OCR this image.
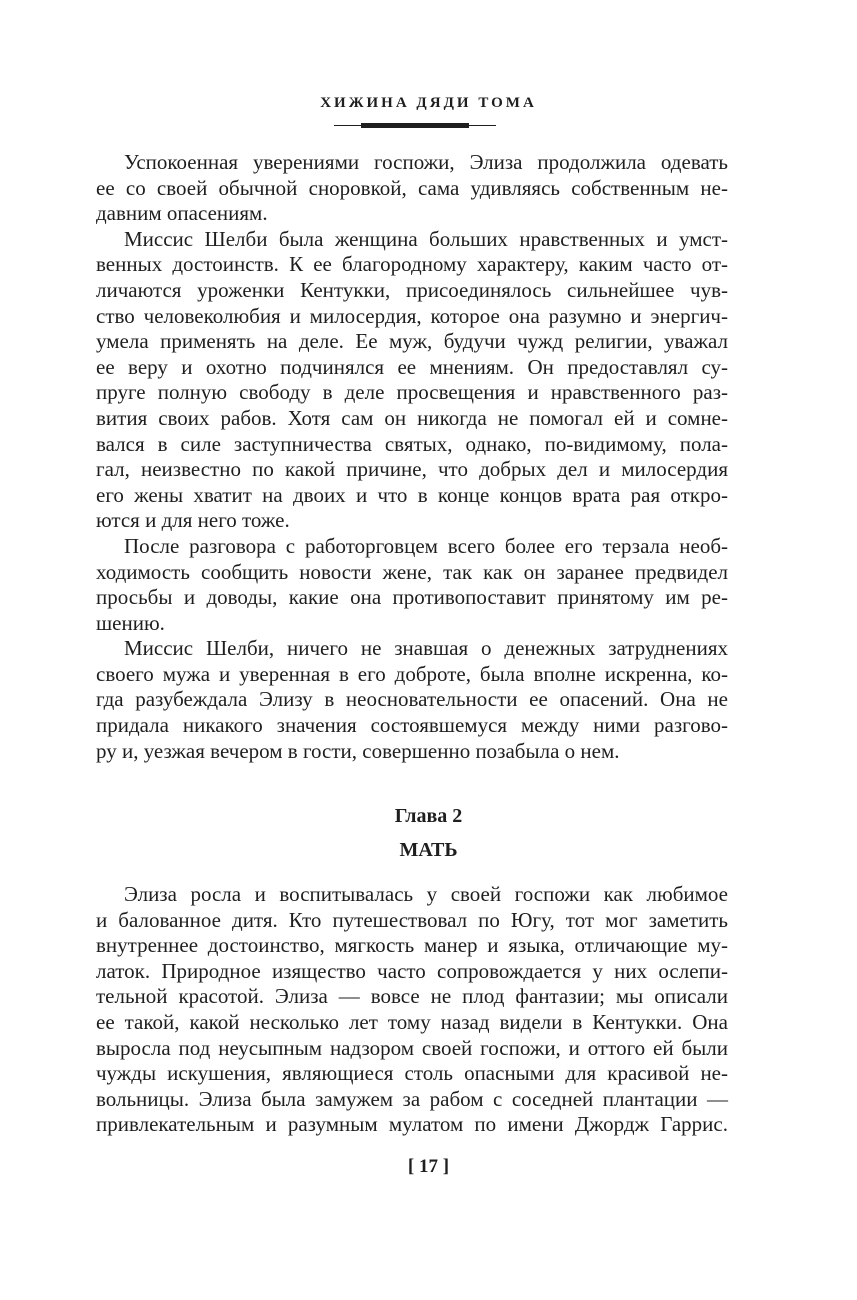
ХИЖИНА ДЯДИ ТОМА

Успокоенная уверениями госпожи, Элиза продолжила одевать

ее со своей обычной сноровкой, сама удивляясь собственным не-

давним опасениям.

Миссис Шелби была женщина больших нравственных и умст-

венных достоинств. К ее благородному характеру, каким часто от-

личаются уроженки Кентукки, присоединялось сильнейшее чув-

ство человеколюбия и милосердия, которое она разумно и энергич-

умела применять на деле. Ее муж, будучи чужд религии, уважал

ее веру и охотно подчинялся ее мнениям. Он предоставлял су-

пруге полную свободу в деле просвещения и нравственного раз-

вития своих рабов. Хотя сам он никогда не помогал ей и сомне-

вался в силе заступничества святых, однако, по-видимому, пола-

гал, неизвестно по какой причине, что добрых дел и милосердия

его жены хватит на двоих и что в конце концов врата рая откро-

ются и для него тоже.

После разговора с работорговцем всего более его терзала необ-

ходимость сообщить новости жене, так как он заранее предвидел

просьбы и доводы, какие она противопоставит принятому им ре-

шению.

Миссис Шелби, ничего не знавшая о денежных затруднениях

своего мужа и уверенная в его доброте, была вполне искренна, ко-

гда разубеждала Элизу в неосновательности ее опасений. Она не

придала никакого значения состоявшемуся между ними разгово-

ру и, уезжая вечером в гости, совершенно позабыла о нем.

Глава 2
МАТЬ

Элиза росла и воспитывалась у своей госпожи как любимое

и балованное дитя. Кто путешествовал по Югу, тот мог заметить

внутреннее достоинство, мягкость манер и языка, отличающие му-

латок. Природное изящество часто сопровождается у них ослепи-

тельной красотой. Элиза — вовсе не плод фантазии; мы описали

ее такой, какой несколько лет тому назад видели в Кентукки. Она

выросла под неусыпным надзором своей госпожи, и оттого ей были

чужды искушения, являющиеся столь опасными для красивой не-

вольницы. Элиза была замужем за рабом с соседней плантации —

привлекательным и разумным мулатом по имени Джордж Гаррис.

[ 17 ]
